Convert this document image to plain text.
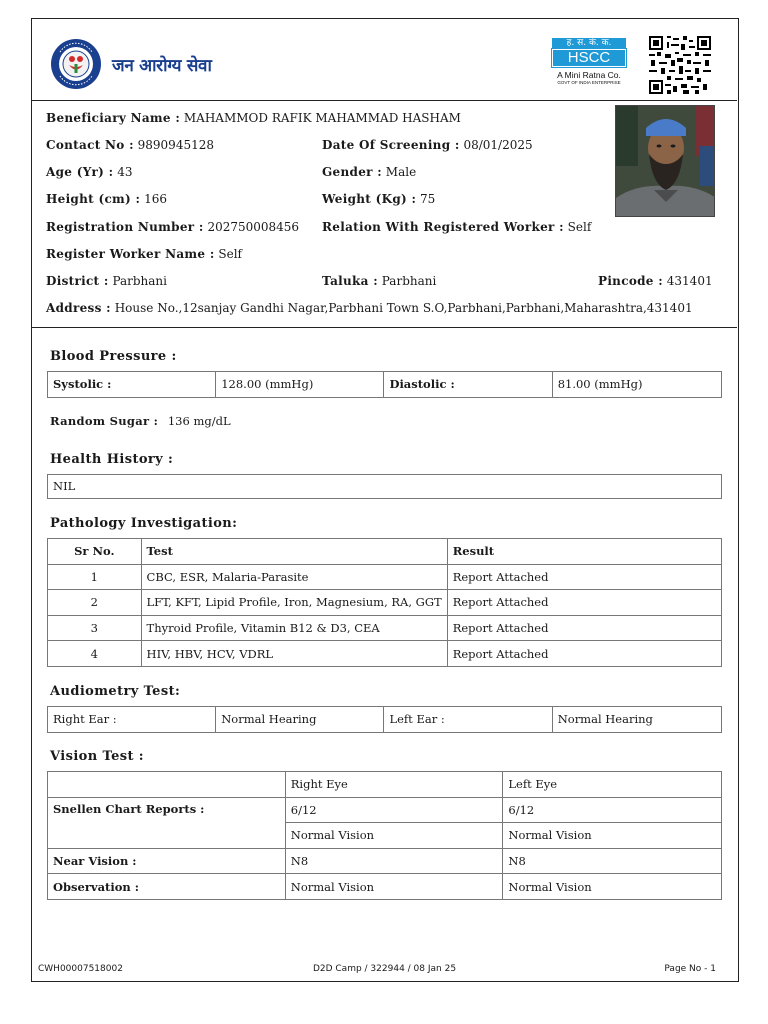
जन आरोग्य सेवा
ह. स. कं. क.
HSCC
A Mini Ratna Co.
GOVT OF INDIA ENTERPRISE
Beneficiary Name : MAHAMMOD RAFIK MAHAMMAD HASHAM
Contact No : 9890945128	Date Of Screening : 08/01/2025
Age (Yr) : 43	Gender : Male
Height (cm) : 166	Weight (Kg) : 75
Registration Number : 202750008456 Relation With Registered Worker : Self
Register Worker Name : Self
District : Parbhani	Taluka : Parbhani	Pincode : 431401
Address : House No.,12sanjay Gandhi Nagar,Parbhani Town S.O,Parbhani,Parbhani,Maharashtra,431401
Blood Pressure :
Systolic :	128.00 (mmHg)	Diastolic :	81.00 (mmHg)
Random Sugar : 136 mg/dL
Health History :
NIL
Pathology Investigation:
Sr No.	Test	Result
1	CBC, ESR, Malaria-Parasite	Report Attached
2	LFT, KFT, Lipid Profile, Iron, Magnesium, RA, GGT	Report Attached
3	Thyroid Profile, Vitamin B12 & D3, CEA	Report Attached
4	HIV, HBV, HCV, VDRL	Report Attached
Audiometry Test:
Right Ear :	Normal Hearing	Left Ear :	Normal Hearing
Vision Test :
	Right Eye	Left Eye
Snellen Chart Reports :	6/12	6/12
	Normal Vision	Normal Vision
Near Vision :	N8	N8
Observation :	Normal Vision	Normal Vision
CWH00007518002	D2D Camp / 322944 / 08 Jan 25	Page No - 1
